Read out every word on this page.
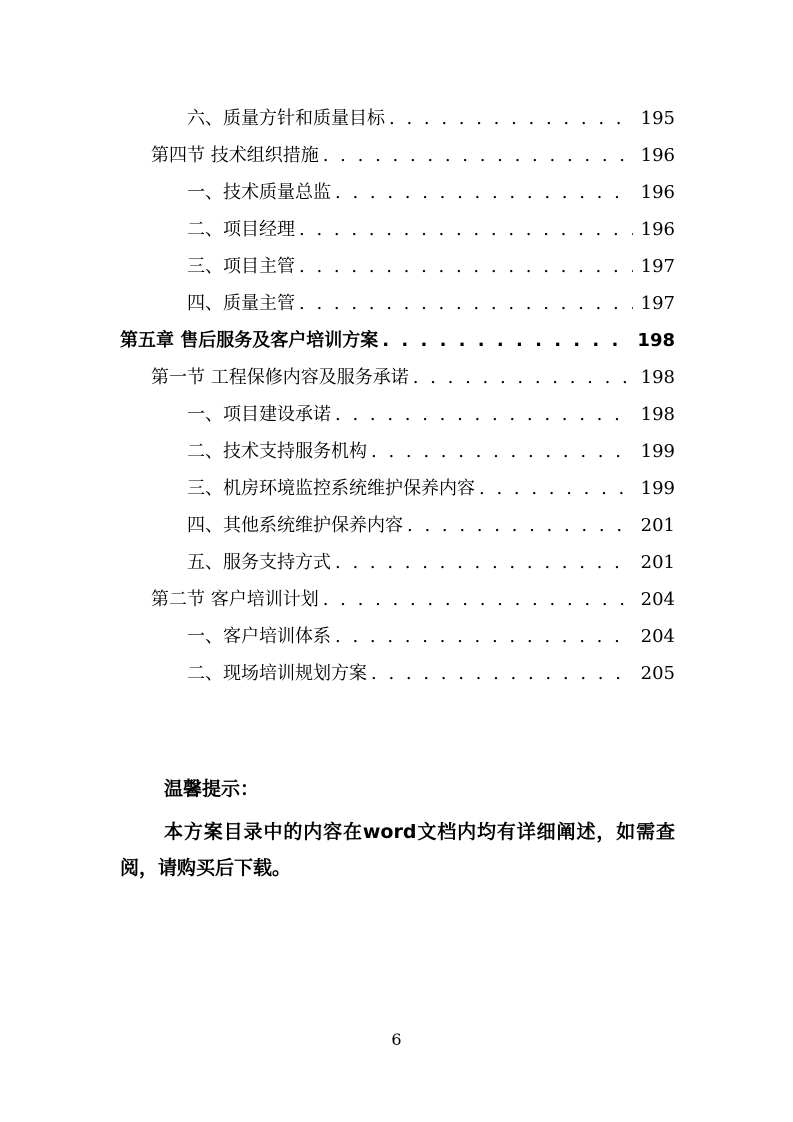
六、质量方针和质量目标 . . .	195
第四节 技术组织措施 . . .	196
一、技术质量总监 . . .	196
二、项目经理 . . .	196
三、项目主管 . . .	197
四、质量主管 . . .	197
第五章 售后服务及客户培训方案 . . .	198
第一节 工程保修内容及服务承诺 . . .	198
一、项目建设承诺 . . .	198
二、技术支持服务机构 . . .	199
三、机房环境监控系统维护保养内容 . . .	199
四、其他系统维护保养内容 . . .	201
五、服务支持方式 . . .	201
第二节 客户培训计划 . . .	204
一、客户培训体系 . . .	204
二、现场培训规划方案 . . .	205
温馨提示：
本方案目录中的内容在word文档内均有详细阐述，如需查阅，请购买后下载。
6
